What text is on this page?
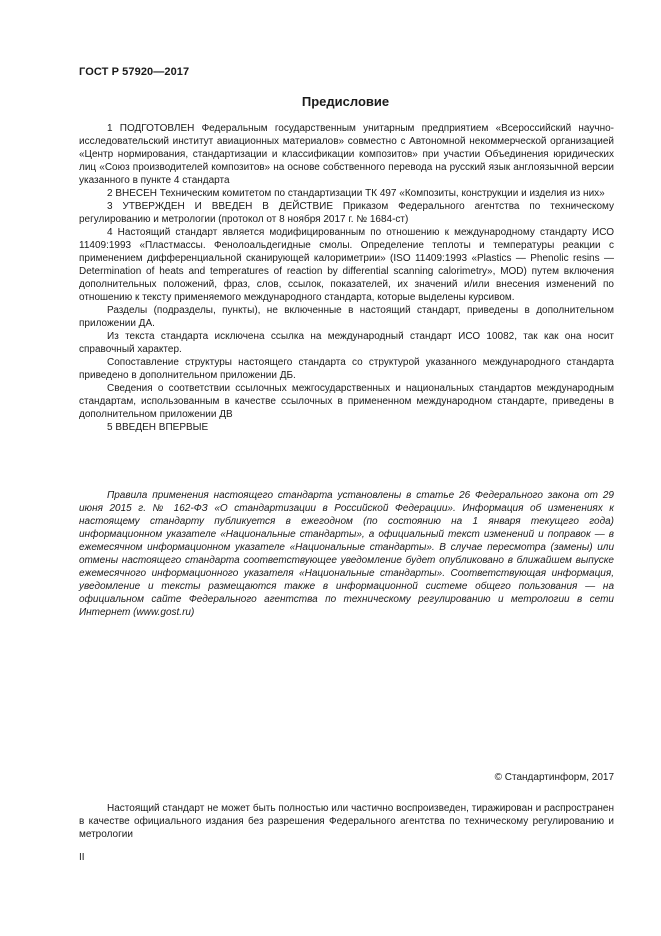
ГОСТ Р 57920—2017
Предисловие

1 ПОДГОТОВЛЕН Федеральным государственным унитарным предприятием «Всероссийский научно-исследовательский институт авиационных материалов» совместно с Автономной некоммерческой организацией «Центр нормирования, стандартизации и классификации композитов» при участии Объединения юридических лиц «Союз производителей композитов» на основе собственного перевода на русский язык англоязычной версии указанного в пункте 4 стандарта

2 ВНЕСЕН Техническим комитетом по стандартизации ТК 497 «Композиты, конструкции и изделия из них»

3 УТВЕРЖДЕН И ВВЕДЕН В ДЕЙСТВИЕ Приказом Федерального агентства по техническому регулированию и метрологии (протокол от 8 ноября 2017 г. № 1684-ст)

4 Настоящий стандарт является модифицированным по отношению к международному стандарту ИСО 11409:1993 «Пластмассы. Фенолоальдегидные смолы. Определение теплоты и температуры реакции с применением дифференциальной сканирующей калориметрии» (ISO 11409:1993 «Plastics — Phenolic resins — Determination of heats and temperatures of reaction by differential scanning calorimetry», MOD) путем включения дополнительных положений, фраз, слов, ссылок, показателей, их значений и/или внесения изменений по отношению к тексту применяемого международного стандарта, которые выделены курсивом.

Разделы (подразделы, пункты), не включенные в настоящий стандарт, приведены в дополнительном приложении ДА.

Из текста стандарта исключена ссылка на международный стандарт ИСО 10082, так как она носит справочный характер.

Сопоставление структуры настоящего стандарта со структурой указанного международного стандарта приведено в дополнительном приложении ДБ.

Сведения о соответствии ссылочных межгосударственных и национальных стандартов международным стандартам, использованным в качестве ссылочных в примененном международном стандарте, приведены в дополнительном приложении ДВ

5 ВВЕДЕН ВПЕРВЫЕ

Правила применения настоящего стандарта установлены в статье 26 Федерального закона от 29 июня 2015 г. № 162-ФЗ «О стандартизации в Российской Федерации». Информация об изменениях к настоящему стандарту публикуется в ежегодном (по состоянию на 1 января текущего года) информационном указателе «Национальные стандарты», а официальный текст изменений и поправок — в ежемесячном информационном указателе «Национальные стандарты». В случае пересмотра (замены) или отмены настоящего стандарта соответствующее уведомление будет опубликовано в ближайшем выпуске ежемесячного информационного указателя «Национальные стандарты». Соответствующая информация, уведомление и тексты размещаются также в информационной системе общего пользования — на официальном сайте Федерального агентства по техническому регулированию и метрологии в сети Интернет (www.gost.ru)

© Стандартинформ, 2017

Настоящий стандарт не может быть полностью или частично воспроизведен, тиражирован и распространен в качестве официального издания без разрешения Федерального агентства по техническому регулированию и метрологии

II
